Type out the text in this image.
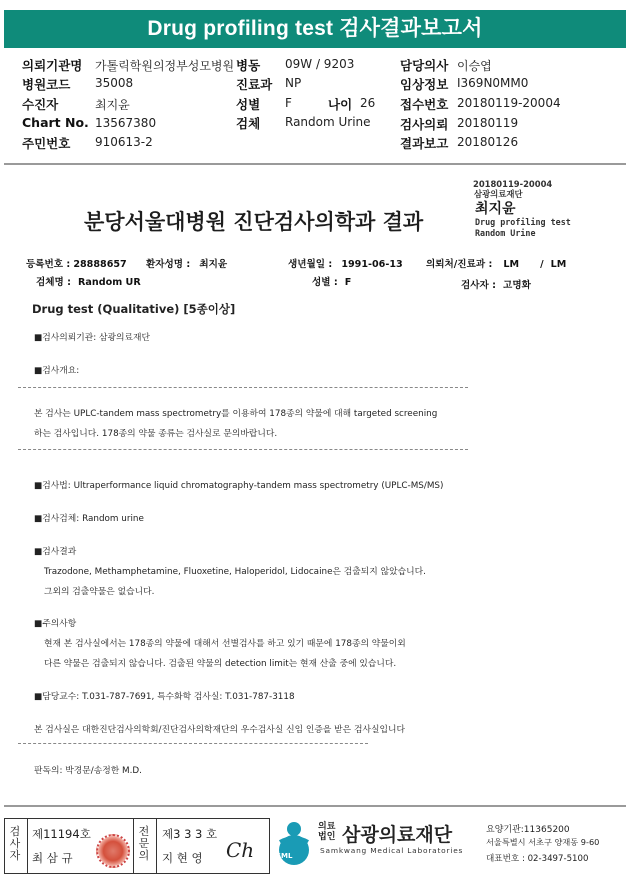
Drug profiling test 검사결과보고서
의뢰기관명 가톨릭학원의정부성모병원 병동 09W / 9203	담당의사 이승엽
병원코드 35008	진료과 NP	임상정보 I369N0MM0
수진자	최지윤	성별 F	나이 26 접수번호 20180119-20004
Chart No. 13567380	검체 Random Urine 검사의뢰 20180119
주민번호 910613-2	결과보고 20180126
20180119-20004
삼광의료재단
최지윤
Drug profiling test
Random Urine
분당서울대병원 진단검사의학과 결과
등록번호 : 28888657 환자성명 : 최지윤	생년월일 : 1991-06-13 의뢰처/진료과 : LM / LM
검체명 : Random UR	성별 : F	검사자 : 고명화
Drug test (Qualitative) [5종이상]
■검사의뢰기관: 삼광의료재단
■검사개요:
본 검사는 UPLC-tandem mass spectrometry를 이용하여 178종의 약물에 대해 targeted screening
하는 검사입니다. 178종의 약물 종류는 검사실로 문의바랍니다.
■검사법: Ultraperformance liquid chromatography-tandem mass spectrometry (UPLC-MS/MS)
■검사검체: Random urine
■검사결과
Trazodone, Methamphetamine, Fluoxetine, Haloperidol, Lidocaine은 검출되지 않았습니다.
그외의 검출약물은 없습니다.
■주의사항
현재 본 검사실에서는 178종의 약물에 대해서 선별검사를 하고 있기 때문에 178종의 약물이외
다른 약물은 검출되지 않습니다. 검출된 약물의 detection limit는 현재 산출 중에 있습니다.
■담당교수: T.031-787-7691, 특수화학 검사실: T.031-787-3118
본 검사실은 대한진단검사의학회/진단검사의학재단의 우수검사실 신임 인증을 받은 검사실입니다
판독의: 박경문/송정한 M.D.
검사자
제11194호
최 삼 규
전문의
제3 3 3 호
지 현 영 Ch	SML
의료 법인 삼광의료재단
Samkwang Medical Laboratories
요양기관:11365200
서울특별시 서초구 양재동 9-60
대표번호 : 02-3497-5100
